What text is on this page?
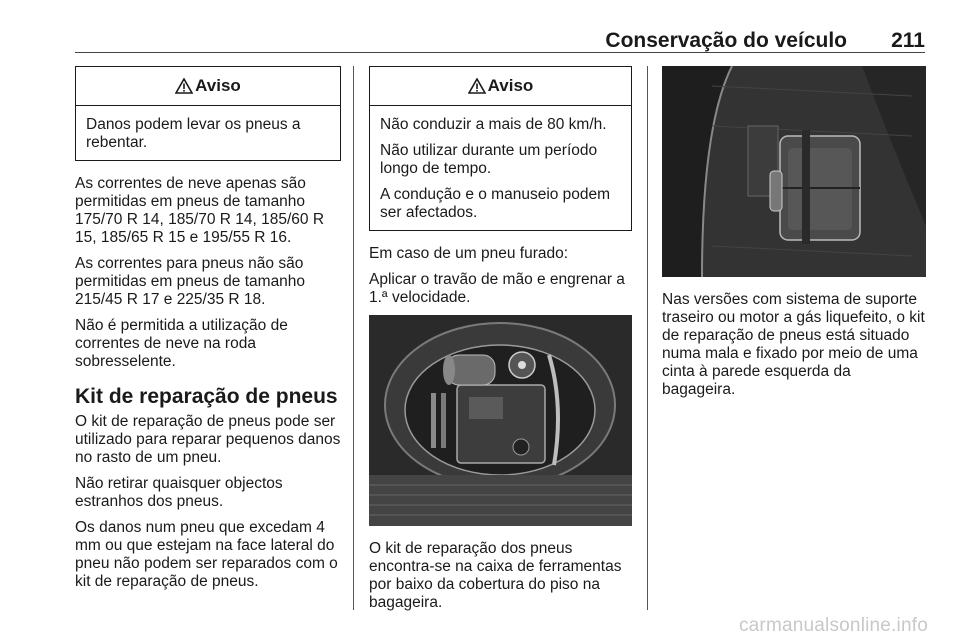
Conservação do veículo 211
Aviso

Danos podem levar os pneus a rebentar.

As correntes de neve apenas são permitidas em pneus de tamanho 175/70 R 14, 185/70 R 14, 185/60 R 15, 185/65 R 15 e 195/55 R 16.

As correntes para pneus não são permitidas em pneus de tamanho 215/45 R 17 e 225/35 R 18.

Não é permitida a utilização de correntes de neve na roda sobresselente.

Kit de reparação de pneus

O kit de reparação de pneus pode ser utilizado para reparar pequenos danos no rasto de um pneu.

Não retirar quaisquer objectos estranhos dos pneus.

Os danos num pneu que excedam 4 mm ou que estejam na face lateral do pneu não podem ser reparados com o kit de reparação de pneus.

Aviso

Não conduzir a mais de 80 km/h.

Não utilizar durante um período longo de tempo.

A condução e o manuseio podem ser afectados.

Em caso de um pneu furado:

Aplicar o travão de mão e engrenar a 1.ª velocidade.

O kit de reparação dos pneus encontra-se na caixa de ferramentas por baixo da cobertura do piso na bagageira.

Nas versões com sistema de suporte traseiro ou motor a gás liquefeito, o kit de reparação de pneus está situado numa mala e fixado por meio de uma cinta à parede esquerda da bagageira.

carmanualsonline.info
